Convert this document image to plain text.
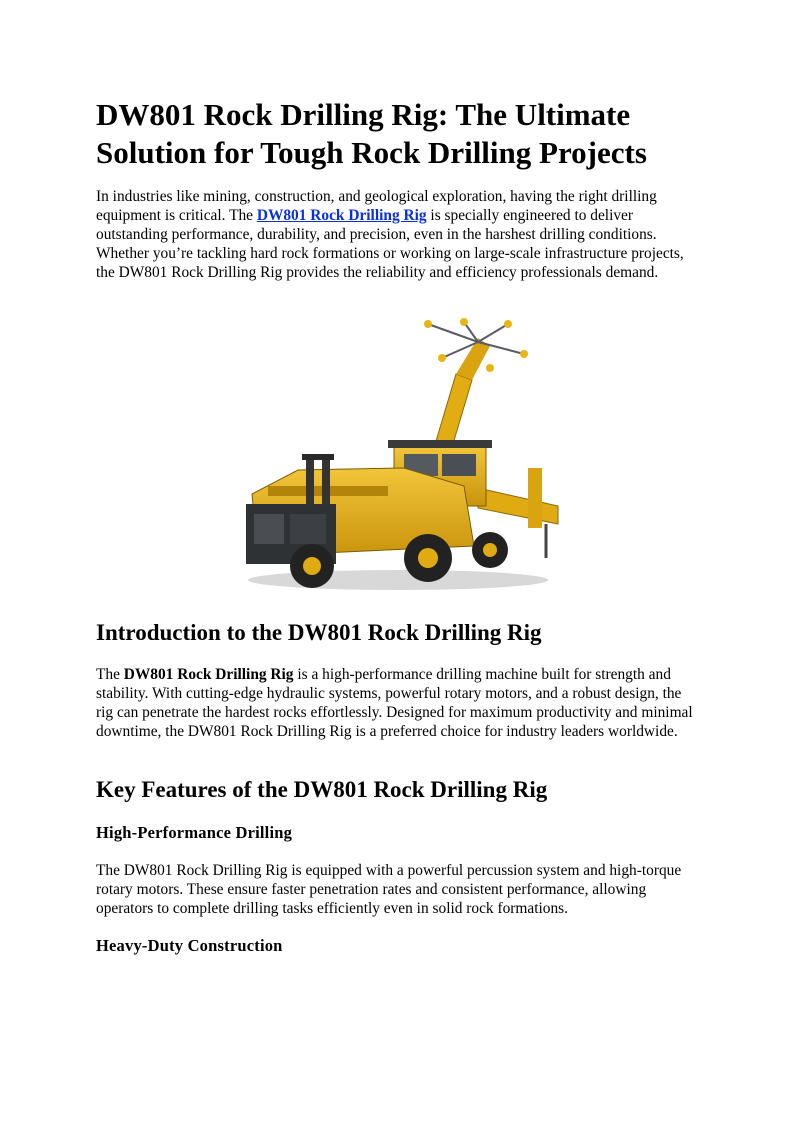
DW801 Rock Drilling Rig: The Ultimate Solution for Tough Rock Drilling Projects

In industries like mining, construction, and geological exploration, having the right drilling equipment is critical. The DW801 Rock Drilling Rig is specially engineered to deliver outstanding performance, durability, and precision, even in the harshest drilling conditions. Whether you’re tackling hard rock formations or working on large-scale infrastructure projects, the DW801 Rock Drilling Rig provides the reliability and efficiency professionals demand.

Introduction to the DW801 Rock Drilling Rig

The DW801 Rock Drilling Rig is a high-performance drilling machine built for strength and stability. With cutting-edge hydraulic systems, powerful rotary motors, and a robust design, the rig can penetrate the hardest rocks effortlessly. Designed for maximum productivity and minimal downtime, the DW801 Rock Drilling Rig is a preferred choice for industry leaders worldwide.

Key Features of the DW801 Rock Drilling Rig
High-Performance Drilling

The DW801 Rock Drilling Rig is equipped with a powerful percussion system and high-torque rotary motors. These ensure faster penetration rates and consistent performance, allowing operators to complete drilling tasks efficiently even in solid rock formations.

Heavy-Duty Construction
